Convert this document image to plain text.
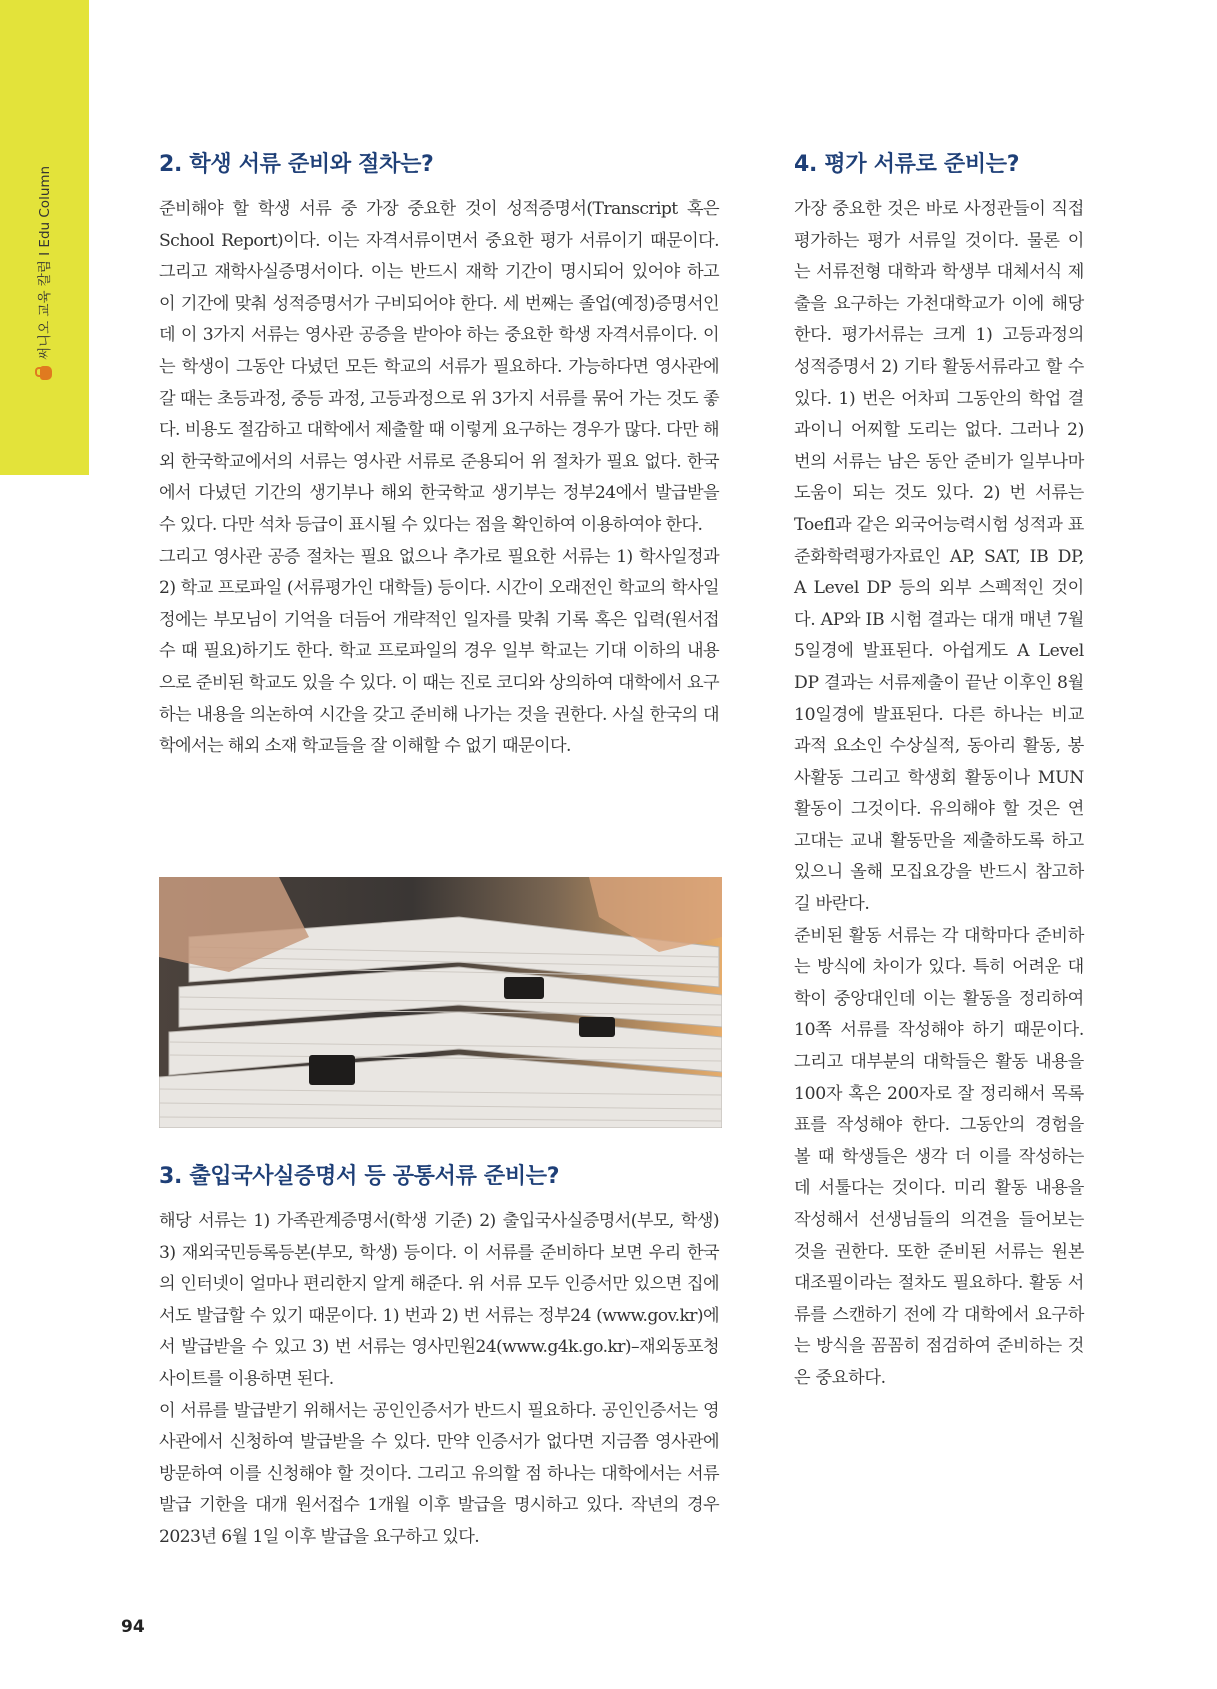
써니오 교육 칼럼 I Edu Column
2. 학생 서류 준비와 절차는?

준비해야 할 학생 서류 중 가장 중요한 것이 성적증명서(Transcript 혹은 School Report)이다. 이는 자격서류이면서 중요한 평가 서류이기 때문이다. 그리고 재학사실증명서이다. 이는 반드시 재학 기간이 명시되어 있어야 하고 이 기간에 맞춰 성적증명서가 구비되어야 한다. 세 번째는 졸업(예정)증명서인데 이 3가지 서류는 영사관 공증을 받아야 하는 중요한 학생 자격서류이다. 이는 학생이 그동안 다녔던 모든 학교의 서류가 필요하다. 가능하다면 영사관에 갈 때는 초등과정, 중등 과정, 고등과정으로 위 3가지 서류를 묶어 가는 것도 좋다. 비용도 절감하고 대학에서 제출할 때 이렇게 요구하는 경우가 많다. 다만 해외 한국학교에서의 서류는 영사관 서류로 준용되어 위 절차가 필요 없다. 한국에서 다녔던 기간의 생기부나 해외 한국학교 생기부는 정부24에서 발급받을 수 있다. 다만 석차 등급이 표시될 수 있다는 점을 확인하여 이용하여야 한다.

그리고 영사관 공증 절차는 필요 없으나 추가로 필요한 서류는 1) 학사일정과 2) 학교 프로파일 (서류평가인 대학들) 등이다. 시간이 오래전인 학교의 학사일정에는 부모님이 기억을 더듬어 개략적인 일자를 맞춰 기록 혹은 입력(원서접수 때 필요)하기도 한다. 학교 프로파일의 경우 일부 학교는 기대 이하의 내용으로 준비된 학교도 있을 수 있다. 이 때는 진로 코디와 상의하여 대학에서 요구하는 내용을 의논하여 시간을 갖고 준비해 나가는 것을 권한다. 사실 한국의 대학에서는 해외 소재 학교들을 잘 이해할 수 없기 때문이다.

3. 출입국사실증명서 등 공통서류 준비는?

해당 서류는 1) 가족관계증명서(학생 기준) 2) 출입국사실증명서(부모, 학생) 3) 재외국민등록등본(부모, 학생) 등이다. 이 서류를 준비하다 보면 우리 한국의 인터넷이 얼마나 편리한지 알게 해준다. 위 서류 모두 인증서만 있으면 집에서도 발급할 수 있기 때문이다. 1) 번과 2) 번 서류는 정부24 (www.gov.kr)에서 발급받을 수 있고 3) 번 서류는 영사민원24(www.g4k.go.kr)–재외동포청 사이트를 이용하면 된다.

이 서류를 발급받기 위해서는 공인인증서가 반드시 필요하다. 공인인증서는 영사관에서 신청하여 발급받을 수 있다. 만약 인증서가 없다면 지금쯤 영사관에 방문하여 이를 신청해야 할 것이다. 그리고 유의할 점 하나는 대학에서는 서류 발급 기한을 대개 원서접수 1개월 이후 발급을 명시하고 있다. 작년의 경우 2023년 6월 1일 이후 발급을 요구하고 있다.

4. 평가 서류로 준비는?

가장 중요한 것은 바로 사정관들이 직접 평가하는 평가 서류일 것이다. 물론 이는 서류전형 대학과 학생부 대체서식 제출을 요구하는 가천대학교가 이에 해당한다. 평가서류는 크게 1) 고등과정의 성적증명서 2) 기타 활동서류라고 할 수 있다. 1) 번은 어차피 그동안의 학업 결과이니 어찌할 도리는 없다. 그러나 2) 번의 서류는 남은 동안 준비가 일부나마 도움이 되는 것도 있다. 2) 번 서류는 Toefl과 같은 외국어능력시험 성적과 표준화학력평가자료인 AP, SAT, IB DP, A Level DP 등의 외부 스펙적인 것이다. AP와 IB 시험 결과는 대개 매년 7월 5일경에 발표된다. 아쉽게도 A Level DP 결과는 서류제출이 끝난 이후인 8월 10일경에 발표된다. 다른 하나는 비교과적 요소인 수상실적, 동아리 활동, 봉사활동 그리고 학생회 활동이나 MUN 활동이 그것이다. 유의해야 할 것은 연고대는 교내 활동만을 제출하도록 하고 있으니 올해 모집요강을 반드시 참고하길 바란다.

준비된 활동 서류는 각 대학마다 준비하는 방식에 차이가 있다. 특히 어려운 대학이 중앙대인데 이는 활동을 정리하여 10쪽 서류를 작성해야 하기 때문이다. 그리고 대부분의 대학들은 활동 내용을 100자 혹은 200자로 잘 정리해서 목록표를 작성해야 한다. 그동안의 경험을 볼 때 학생들은 생각 더 이를 작성하는데 서툴다는 것이다. 미리 활동 내용을 작성해서 선생님들의 의견을 들어보는 것을 권한다. 또한 준비된 서류는 원본대조필이라는 절차도 필요하다. 활동 서류를 스캔하기 전에 각 대학에서 요구하는 방식을 꼼꼼히 점검하여 준비하는 것은 중요하다.

94
